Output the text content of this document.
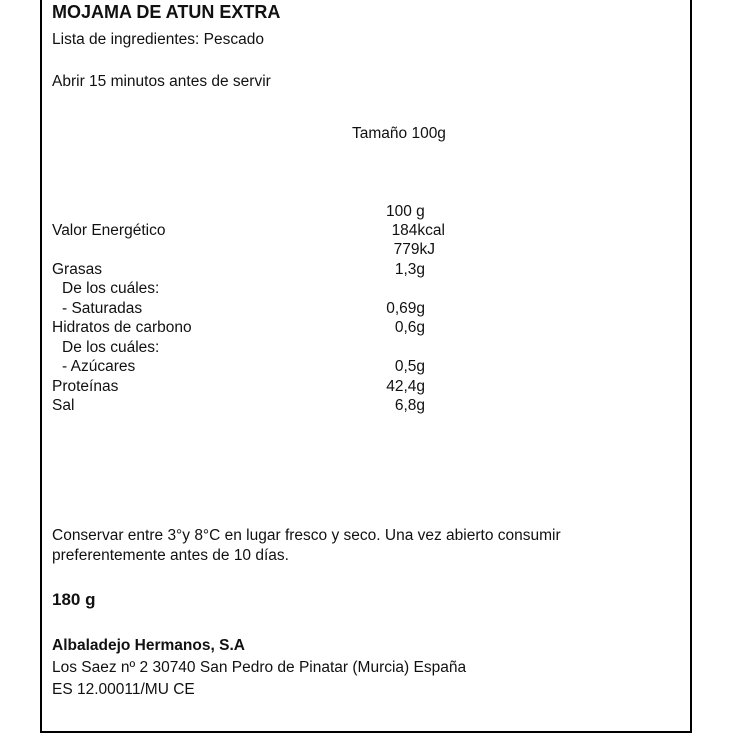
MOJAMA DE ATUN EXTRA
Lista de ingredientes: Pescado
Abrir 15 minutos antes de servir
Tamaño 100g
100 g
Valor Energético	184kcal
779kJ
Grasas	1,3g
De los cuáles:
- Saturadas	0,69g
Hidratos de carbono	0,6g
De los cuáles:
- Azúcares	0,5g
Proteínas	42,4g
Sal	6,8g
Conservar entre 3°y 8°C en lugar fresco y seco. Una vez abierto consumir
preferentemente antes de 10 días.
180 g
Albaladejo Hermanos, S.A
Los Saez nº 2 30740 San Pedro de Pinatar (Murcia) España
ES 12.00011/MU CE
